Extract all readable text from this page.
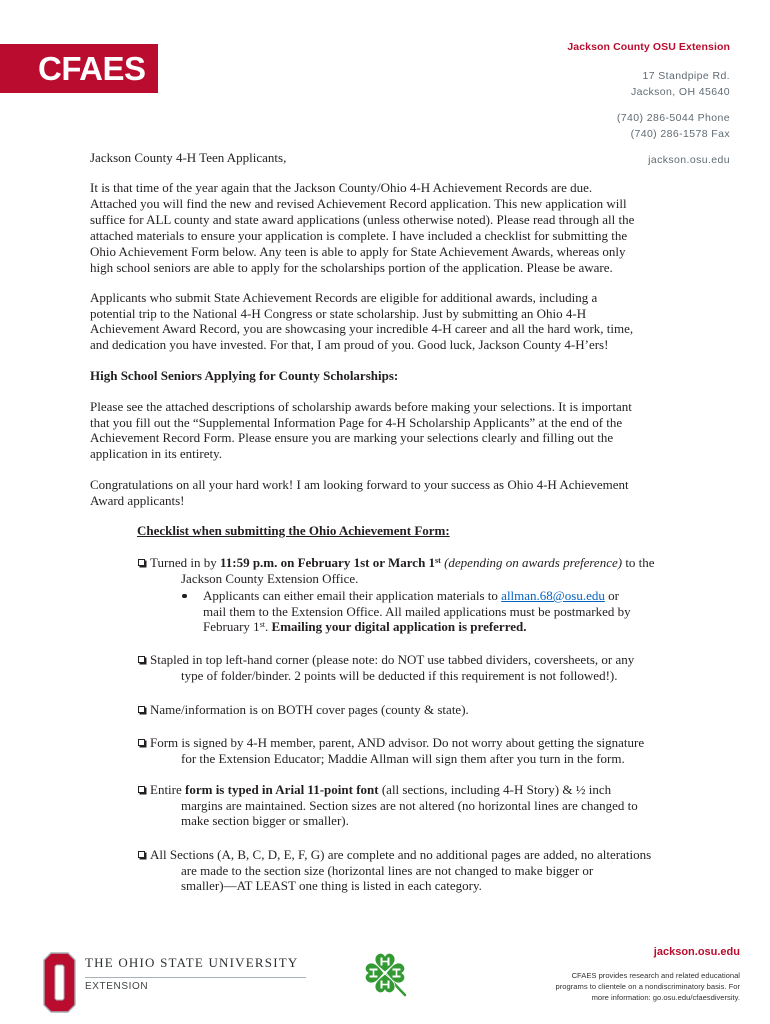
CFAES
Jackson County OSU Extension
17 Standpipe Rd.
Jackson, OH 45640
(740) 286-5044 Phone
(740) 286-1578 Fax
jackson.osu.edu
Jackson County 4-H Teen Applicants,
It is that time of the year again that the Jackson County/Ohio 4-H Achievement Records are due.
Attached you will find the new and revised Achievement Record application. This new application will
suffice for ALL county and state award applications (unless otherwise noted). Please read through all the
attached materials to ensure your application is complete. I have included a checklist for submitting the
Ohio Achievement Form below. Any teen is able to apply for State Achievement Awards, whereas only
high school seniors are able to apply for the scholarships portion of the application. Please be aware.
Applicants who submit State Achievement Records are eligible for additional awards, including a
potential trip to the National 4-H Congress or state scholarship. Just by submitting an Ohio 4-H
Achievement Award Record, you are showcasing your incredible 4-H career and all the hard work, time,
and dedication you have invested. For that, I am proud of you. Good luck, Jackson County 4-H’ers!
High School Seniors Applying for County Scholarships:
Please see the attached descriptions of scholarship awards before making your selections. It is important
that you fill out the “Supplemental Information Page for 4-H Scholarship Applicants” at the end of the
Achievement Record Form. Please ensure you are marking your selections clearly and filling out the
application in its entirety.
Congratulations on all your hard work! I am looking forward to your success as Ohio 4-H Achievement
Award applicants!
Checklist when submitting the Ohio Achievement Form:
Turned in by 11:59 p.m. on February 1st or March 1st (depending on awards preference) to the
Jackson County Extension Office.
Applicants can either email their application materials to allman.68@osu.edu or
mail them to the Extension Office. All mailed applications must be postmarked by
February 1st. Emailing your digital application is preferred.
Stapled in top left-hand corner (please note: do NOT use tabbed dividers, coversheets, or any
type of folder/binder. 2 points will be deducted if this requirement is not followed!).
Name/information is on BOTH cover pages (county & state).
Form is signed by 4-H member, parent, AND advisor. Do not worry about getting the signature
for the Extension Educator; Maddie Allman will sign them after you turn in the form.
Entire form is typed in Arial 11-point font (all sections, including 4-H Story) & ½ inch
margins are maintained. Section sizes are not altered (no horizontal lines are changed to
make section bigger or smaller).
All Sections (A, B, C, D, E, F, G) are complete and no additional pages are added, no alterations
are made to the section size (horizontal lines are not changed to make bigger or
smaller)—AT LEAST one thing is listed in each category.
THE OHIO STATE UNIVERSITY
EXTENSION
jackson.osu.edu
CFAES provides research and related educational
programs to clientele on a nondiscriminatory basis. For
more information: go.osu.edu/cfaesdiversity.
